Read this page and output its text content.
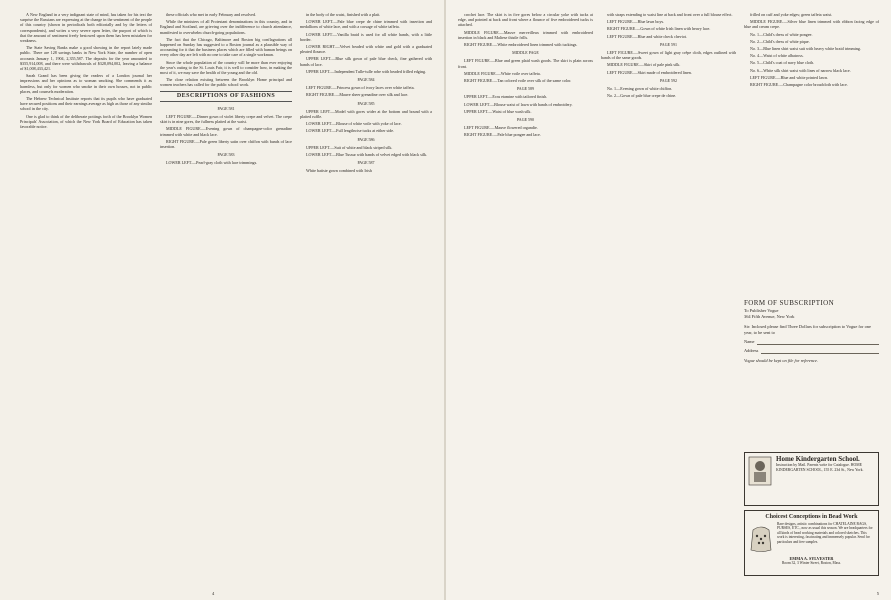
A New England in a very indignant state of mind, has taken for his text the surprise the Russians are expressing at the change in the sentiment of the people of this country (shown in periodicals both editorially and by the letters of correspondents), and writes a very severe open letter, the purport of which is that the amount of sentiment freely bestowed upon them has been mistaken for weakness.

The State Saving Banks make a good showing in the report lately made public. There are 128 savings banks in New York State, the number of open accounts January 1, 1904, 2,355,587. The deposits for the year amounted to $355,914,008, and there were withdrawals of $328,094,002, leaving a balance of $1,008,433,421.

Sarah Grand has been giving the readers of a London journal her impressions and her opinions as to woman smoking. She commends it as harmless, but only for women who smoke in their own houses, not in public places, and counsels moderation.

The Hebrew Technical Institute reports that its pupils who have graduated have secured positions and their earnings average as high as those of any similar school in the city.

One is glad to think of the deliberate pottings forth of the Brooklyn Women Principals' Association, of which the New York Board of Education has taken favorable notice.

these officials who met in early February and resolved.

While the ministers of all Protestant denominations in this country, and in England and Scotland, are grieving over the indifference to church attendance, manifested to overwhelm church-going populations.

The fact that the Chicago, Baltimore and Boston big conflagrations all happened on Sunday has suggested to a Boston journal as a plausible way of accounting for it that the business places which are filled with human beings on every other day are left with no one to take care of a single workman.

Since the whole population of the country will be more than ever enjoying the year's outing to the St. Louis Fair, it is well to consider how, in making the most of it, we may save the health of the young and the old.

The close relation existing between the Brooklyn Home principal and women teachers has called for the public school work.

DESCRIPTIONS OF FASHIONS
PAGE 581

LEFT FIGURE.—Dinner gown of violet liberty crepe and velvet. The crepe skirt is in nine gores, the fullness plaited at the waist.

MIDDLE FIGURE.—Evening gown of champagne-color grenadine trimmed with white and black lace.

RIGHT FIGURE.—Pale green liberty satin over chiffon with bands of lace insertion.

PAGE 583

LOWER LEFT.—Pearl-gray cloth with lace trimmings.

in the body of the waist, finished with a plait.

LOWER LEFT.—Pale blue crepe de chine trimmed with insertion and medallions of white lace, and with a corsage of white taffeta.

LOWER LEFT.—Vanilla braid is used for all white hands, with a little border.

LOWER RIGHT.—Velvet beaded with white and gold with a graduated pleated flounce.

UPPER LEFT.—Blue silk gown of pale blue check, fine gathered with bands of lace.

UPPER LEFT.—Independent Tulle-tulle robe with beaded frilled edging.

PAGE 584

LEFT FIGURE.—Princess gown of ivory laces over white taffeta.

RIGHT FIGURE.—Mauve sheer grenadine over silk and lace.

PAGE 585

UPPER LEFT.—Model with gores wider at the bottom and bound with a plaited ruffle.

LOWER LEFT.—Blouse of white voile with yoke of lace.

LOWER LEFT.—Full lengthwise tucks at either side.

PAGE 586

UPPER LEFT.—Suit of white and black striped silk.

LOWER LEFT.—Blue Tussur with bands of velvet edged with black silk.

PAGE 587

White batiste gown combined with Irish

4

crochet lace. The skirt is in five gores below a circular yoke with tucks at edge, and pointed at back and front where a flounce of five embroidered tucks is attached.

MIDDLE FIGURE.—Mauve merveilleux trimmed with embroidered insertion in black and Maltese thistle frills.

RIGHT FIGURE.—White embroidered linen trimmed with tuckings.

MIDDLE PAGE

LEFT FIGURE.—Blue and green plaid wash goods. The skirt is plain across front.

MIDDLE FIGURE.—White voile over taffeta.

RIGHT FIGURE.—Tan colored voile over silk of the same color.

PAGE 589

UPPER LEFT.—Ecru etamine with tailored finish.

LOWER LEFT.—Blouse waist of lawn with bands of embroidery.

UPPER LEFT.—Waist of blue wash silk.

PAGE 590

LEFT FIGURE.—Mauve flowered organdie.

RIGHT FIGURE.—Pale blue pongee and lace.

with straps extending to waist line at back and front over a full blouse effect.

LEFT FIGURE.—Blue lawn boys.

RIGHT FIGURE.—Gown of white Irish linen with heavy lace.

LEFT FIGURE.—Blue and white check cheviot.

PAGE 591

LEFT FIGURE.—Sweet gown of light gray crêpe cloth, edges outlined with bands of the same goods.

MIDDLE FIGURE.—Skirt of pale pink silk.

LEFT FIGURE.—Skirt made of embroidered linen.

PAGE 592

No. 1—Evening gown of white chiffon.

No. 2—Gown of pale blue crepe de chine.

frilled on cuff and yoke edges; green taffeta waist.

MIDDLE FIGURE.—Silver blue linen trimmed with ribbon facing edge of blue and cream crepe.

No. 1—Child's dress of white pongee.

No. 2—Child's dress of white pique.

No. 3—Blue linen shirt waist suit with heavy white braid trimming.

No. 4—Waist of white albatross.

No. 5—Child's coat of navy blue cloth.

No. 6—White silk shirt waist with lines of narrow black lace.

LEFT FIGURE.—Blue and white printed lawn.

RIGHT FIGURE.—Champagne color broadcloth with lace.

FORM OF SUBSCRIPTION
To Publisher Vogue
364 Fifth Avenue, New York
Sir: Inclosed please find Three Dollars for subscription to Vogue for one year, to be sent to
Name
Address
Vogue should be kept on file for reference.
Home Kindergarten School.
Instruction by Mail. Parents write for Catalogue. HOME KINDERGARTEN SCHOOL, 155 E. 23d St., New York.
Choicest Conceptions in Bead Work
Rare designs, artistic combinations for CHATELAINE BAGS, PURSES, ETC., now as usual this season. We are headquarters for all kinds of bead working materials and colored sketches. This work is interesting, fascinating and immensely popular. Send for particulars and free samples.
EMMA A. SYLVESTER
Room 32, 3 Winter Street, Boston, Mass.
5
